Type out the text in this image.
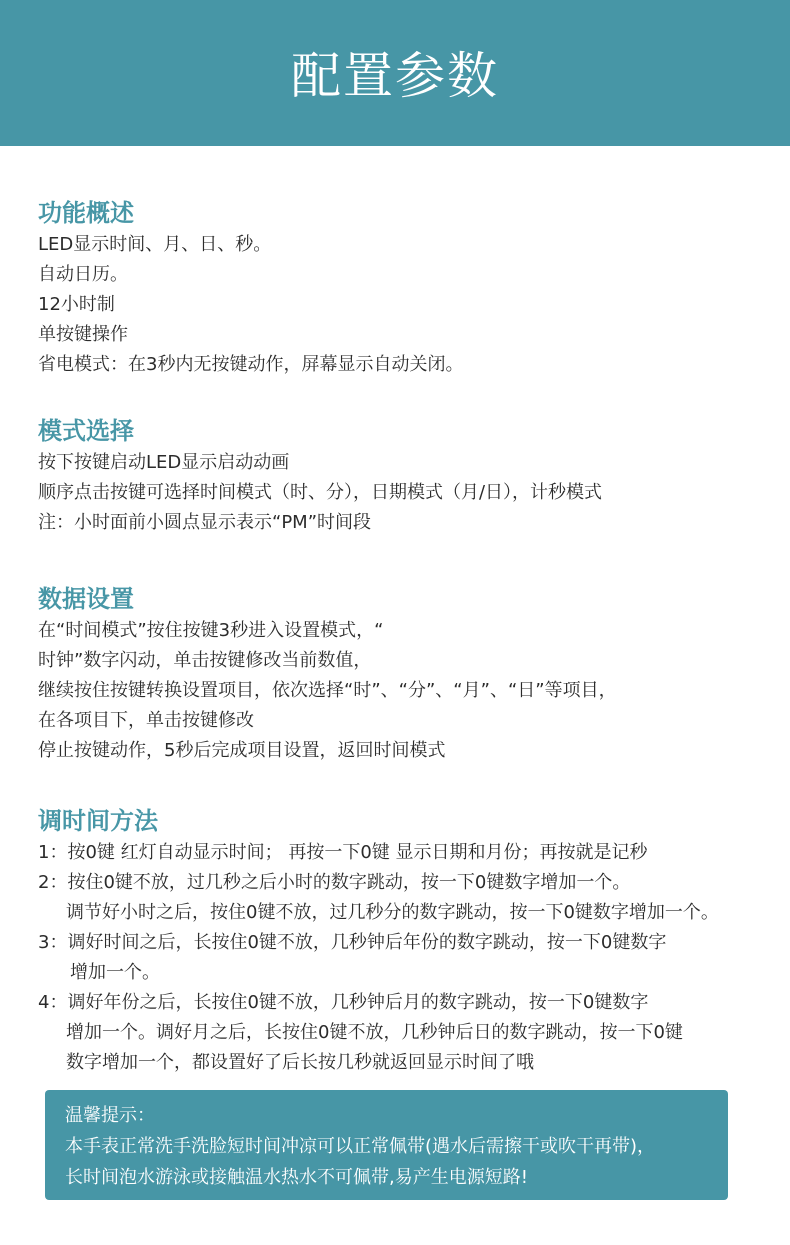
配置参数

功能概述

LED显示时间、月、日、秒。

自动日历。

12小时制

单按键操作

省电模式：在3秒内无按键动作，屏幕显示自动关闭。

模式选择

按下按键启动LED显示启动动画

顺序点击按键可选择时间模式（时、分），日期模式（月/日），计秒模式

注：小时面前小圆点显示表示“PM”时间段

数据设置

在“时间模式”按住按键3秒进入设置模式，“

时钟”数字闪动，单击按键修改当前数值，

继续按住按键转换设置项目，依次选择“时”、“分”、“月”、“日”等项目，

在各项目下，单击按键修改

停止按键动作，5秒后完成项目设置，返回时间模式

调时间方法

1：按0键 红灯自动显示时间； 再按一下0键 显示日期和月份；再按就是记秒

2：按住0键不放，过几秒之后小时的数字跳动，按一下0键数字增加一个。

调节好小时之后，按住0键不放，过几秒分的数字跳动，按一下0键数字增加一个。

3：调好时间之后，长按住0键不放，几秒钟后年份的数字跳动，按一下0键数字

增加一个。

4：调好年份之后，长按住0键不放，几秒钟后月的数字跳动，按一下0键数字

增加一个。调好月之后，长按住0键不放，几秒钟后日的数字跳动，按一下0键

数字增加一个，都设置好了后长按几秒就返回显示时间了哦

温馨提示：

本手表正常洗手洗脸短时间冲凉可以正常佩带(遇水后需擦干或吹干再带)，

长时间泡水游泳或接触温水热水不可佩带,易产生电源短路!
